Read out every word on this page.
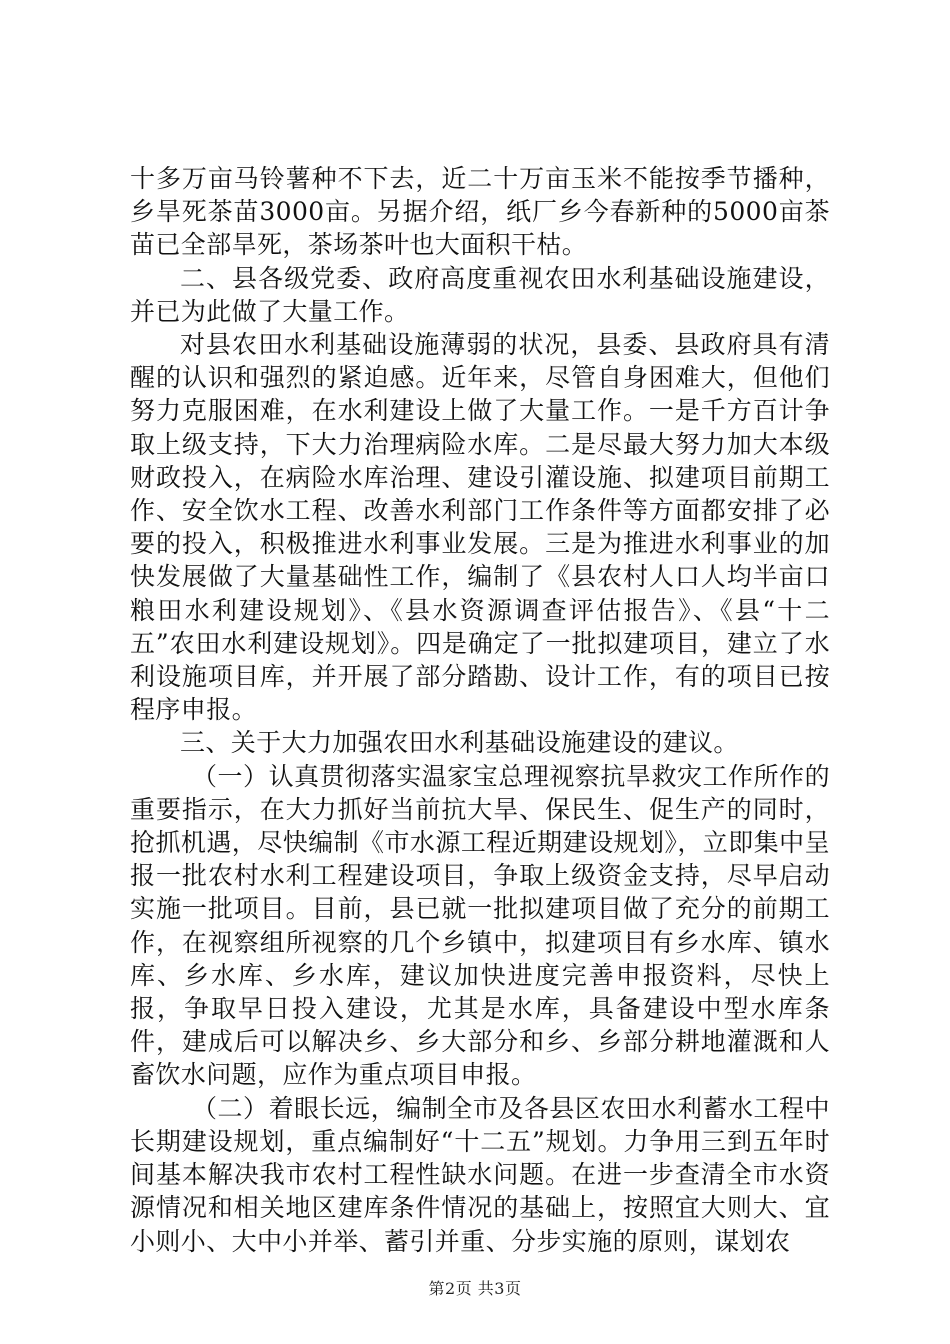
十多万亩马铃薯种不下去，近二十万亩玉米不能按季节播种，乡旱死茶苗3000亩。另据介绍，纸厂乡今春新种的5000亩茶苗已全部旱死，茶场茶叶也大面积干枯。

二、县各级党委、政府高度重视农田水利基础设施建设，并已为此做了大量工作。

对县农田水利基础设施薄弱的状况，县委、县政府具有清醒的认识和强烈的紧迫感。近年来，尽管自身困难大，但他们努力克服困难，在水利建设上做了大量工作。一是千方百计争取上级支持，下大力治理病险水库。二是尽最大努力加大本级财政投入，在病险水库治理、建设引灌设施、拟建项目前期工作、安全饮水工程、改善水利部门工作条件等方面都安排了必要的投入，积极推进水利事业发展。三是为推进水利事业的加快发展做了大量基础性工作，编制了《县农村人口人均半亩口粮田水利建设规划》、《县水资源调查评估报告》、《县“十二五”农田水利建设规划》。四是确定了一批拟建项目，建立了水利设施项目库，并开展了部分踏勘、设计工作，有的项目已按程序申报。

三、关于大力加强农田水利基础设施建设的建议。

（一）认真贯彻落实温家宝总理视察抗旱救灾工作所作的重要指示，在大力抓好当前抗大旱、保民生、促生产的同时，抢抓机遇，尽快编制《市水源工程近期建设规划》，立即集中呈报一批农村水利工程建设项目，争取上级资金支持，尽早启动实施一批项目。目前，县已就一批拟建项目做了充分的前期工作，在视察组所视察的几个乡镇中，拟建项目有乡水库、镇水库、乡水库、乡水库，建议加快进度完善申报资料，尽快上报，争取早日投入建设，尤其是水库，具备建设中型水库条件，建成后可以解决乡、乡大部分和乡、乡部分耕地灌溉和人畜饮水问题，应作为重点项目申报。

（二）着眼长远，编制全市及各县区农田水利蓄水工程中长期建设规划，重点编制好“十二五”规划。力争用三到五年时间基本解决我市农村工程性缺水问题。在进一步查清全市水资源情况和相关地区建库条件情况的基础上，按照宜大则大、宜小则小、大中小并举、蓄引并重、分步实施的原则，谋划农

第2页 共3页
